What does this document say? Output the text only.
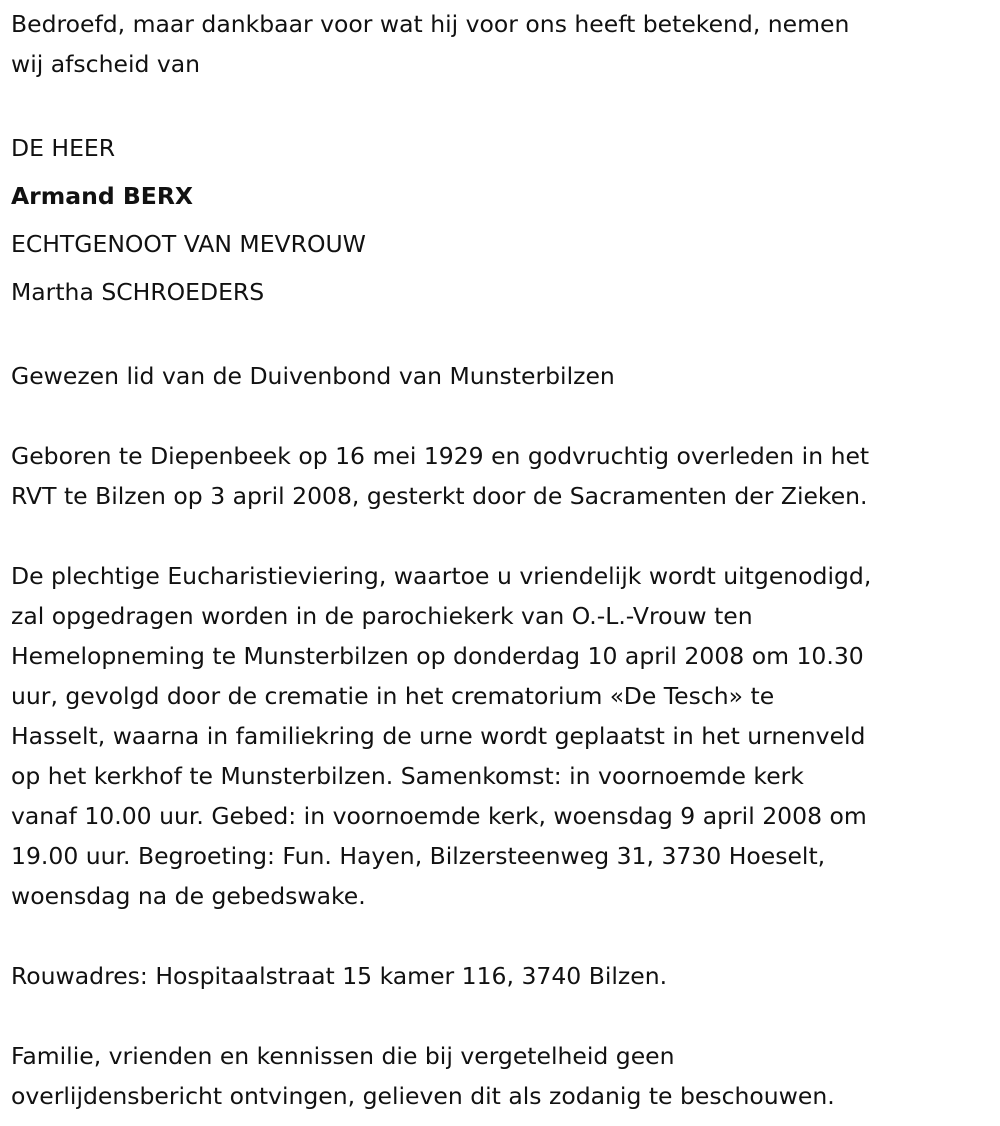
Bedroefd, maar dankbaar voor wat hij voor ons heeft betekend, nemen
wij afscheid van

DE HEER
Armand BERX
ECHTGENOOT VAN MEVROUW
Martha SCHROEDERS

Gewezen lid van de Duivenbond van Munsterbilzen

Geboren te Diepenbeek op 16 mei 1929 en godvruchtig overleden in het
RVT te Bilzen op 3 april 2008, gesterkt door de Sacramenten der Zieken.

De plechtige Eucharistieviering, waartoe u vriendelijk wordt uitgenodigd,
zal opgedragen worden in de parochiekerk van O.-L.-Vrouw ten
Hemelopneming te Munsterbilzen op donderdag 10 april 2008 om 10.30
uur, gevolgd door de crematie in het crematorium «De Tesch» te
Hasselt, waarna in familiekring de urne wordt geplaatst in het urnenveld
op het kerkhof te Munsterbilzen. Samenkomst: in voornoemde kerk
vanaf 10.00 uur. Gebed: in voornoemde kerk, woensdag 9 april 2008 om
19.00 uur. Begroeting: Fun. Hayen, Bilzersteenweg 31, 3730 Hoeselt,
woensdag na de gebedswake.

Rouwadres: Hospitaalstraat 15 kamer 116, 3740 Bilzen.

Familie, vrienden en kennissen die bij vergetelheid geen
overlijdensbericht ontvingen, gelieven dit als zodanig te beschouwen.
